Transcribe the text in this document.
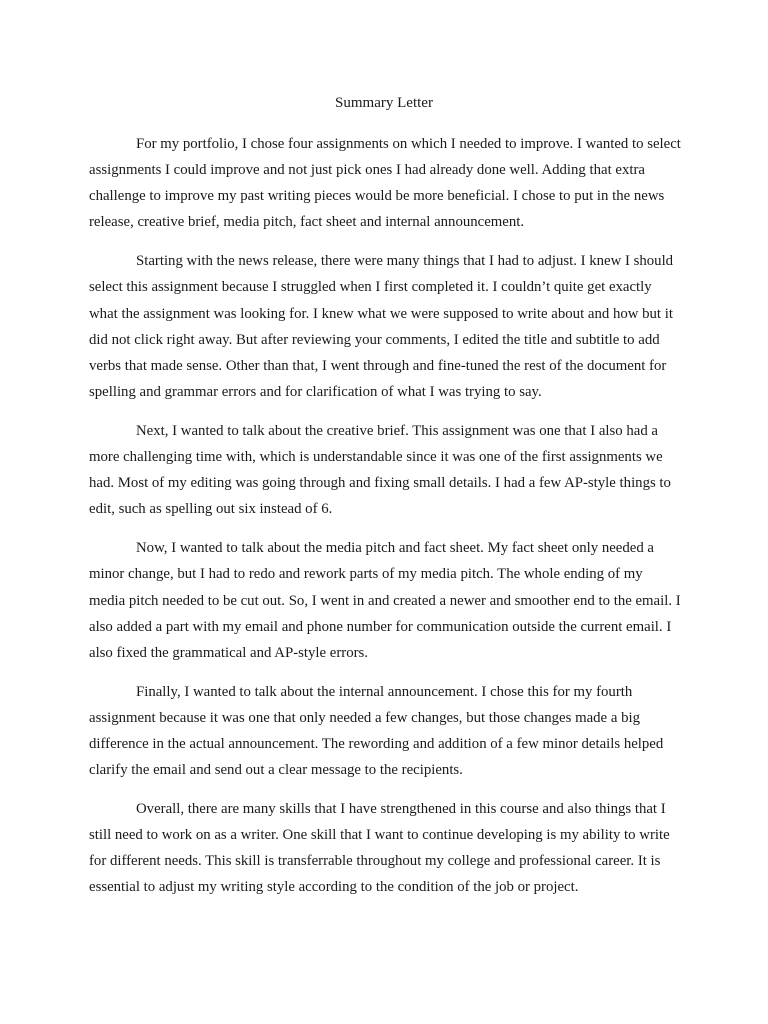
Summary Letter

For my portfolio, I chose four assignments on which I needed to improve. I wanted to select assignments I could improve and not just pick ones I had already done well. Adding that extra challenge to improve my past writing pieces would be more beneficial. I chose to put in the news release, creative brief, media pitch, fact sheet and internal announcement.

Starting with the news release, there were many things that I had to adjust. I knew I should select this assignment because I struggled when I first completed it. I couldn’t quite get exactly what the assignment was looking for. I knew what we were supposed to write about and how but it did not click right away. But after reviewing your comments, I edited the title and subtitle to add verbs that made sense. Other than that, I went through and fine-tuned the rest of the document for spelling and grammar errors and for clarification of what I was trying to say.

Next, I wanted to talk about the creative brief. This assignment was one that I also had a more challenging time with, which is understandable since it was one of the first assignments we had. Most of my editing was going through and fixing small details. I had a few AP-style things to edit, such as spelling out six instead of 6.

Now, I wanted to talk about the media pitch and fact sheet. My fact sheet only needed a minor change, but I had to redo and rework parts of my media pitch. The whole ending of my media pitch needed to be cut out. So, I went in and created a newer and smoother end to the email. I also added a part with my email and phone number for communication outside the current email. I also fixed the grammatical and AP-style errors.

Finally, I wanted to talk about the internal announcement. I chose this for my fourth assignment because it was one that only needed a few changes, but those changes made a big difference in the actual announcement. The rewording and addition of a few minor details helped clarify the email and send out a clear message to the recipients.

Overall, there are many skills that I have strengthened in this course and also things that I still need to work on as a writer. One skill that I want to continue developing is my ability to write for different needs. This skill is transferrable throughout my college and professional career. It is essential to adjust my writing style according to the condition of the job or project.
